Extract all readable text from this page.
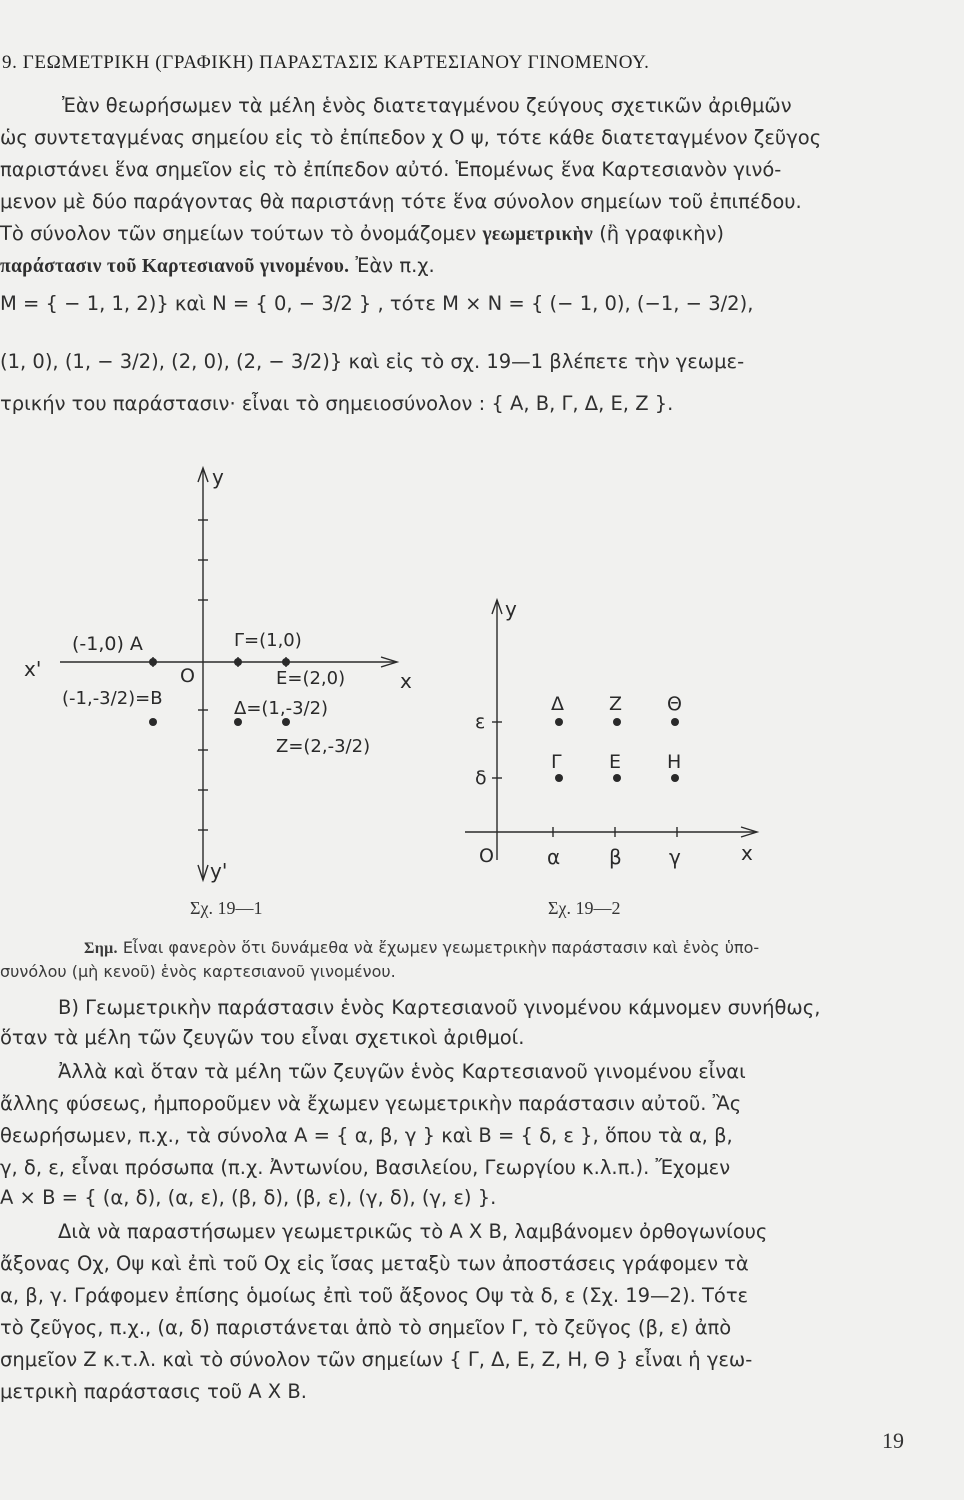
9. ΓΕΩΜΕΤΡΙΚΗ (ΓΡΑΦΙΚΗ) ΠΑΡΑΣΤΑΣΙΣ ΚΑΡΤΕΣΙΑΝΟΥ ΓΙΝΟΜΕΝΟΥ.
Ἐὰν θεωρήσωμεν τὰ μέλη ἑνὸς διατεταγμένου ζεύγους σχετικῶν ἀριθμῶν
ὡς συντεταγμένας σημείου εἰς τὸ ἐπίπεδον χ Ο ψ, τότε κάθε διατεταγμένον ζεῦγος
παριστάνει ἕνα σημεῖον εἰς τὸ ἐπίπεδον αὐτό. Ἑπομένως ἕνα Καρτεσιανὸν γινό-
μενον μὲ δύο παράγοντας θὰ παριστάνῃ τότε ἕνα σύνολον σημείων τοῦ ἐπιπέδου.
Τὸ σύνολον τῶν σημείων τούτων τὸ ὀνομάζομεν γεωμετρικὴν (ἢ γραφικὴν)
παράστασιν τοῦ Καρτεσιανοῦ γινομένου. Ἐὰν π.χ.
Μ = { − 1, 1, 2)} καὶ Ν = { 0, − 3/2 } , τότε Μ × Ν = { (− 1, 0), (−1, − 3/2),
(1, 0), (1, − 3/2), (2, 0), (2, − 3/2)} καὶ εἰς τὸ σχ. 19—1 βλέπετε τὴν γεωμε-
τρικήν του παράστασιν· εἶναι τὸ σημειοσύνολον : { Α, Β, Γ, Δ, Ε, Ζ }.
y
y'
x
x'	O
(-1,0) A
(-1,-3/2)=B
Γ=(1,0)
E=(2,0)
Δ=(1,-3/2)
Z=(2,-3/2)
Σχ. 19—1
y
x
O	α β γ
δ
ε
Δ Z Θ
Γ E H
Σχ. 19—2
Σημ. Εἶναι φανερὸν ὅτι δυνάμεθα νὰ ἔχωμεν γεωμετρικὴν παράστασιν καὶ ἑνὸς ὑπο-
συνόλου (μὴ κενοῦ) ἑνὸς καρτεσιανοῦ γινομένου.
Β) Γεωμετρικὴν παράστασιν ἑνὸς Καρτεσιανοῦ γινομένου κάμνομεν συνήθως,
ὅταν τὰ μέλη τῶν ζευγῶν του εἶναι σχετικοὶ ἀριθμοί.
Ἀλλὰ καὶ ὅταν τὰ μέλη τῶν ζευγῶν ἑνὸς Καρτεσιανοῦ γινομένου εἶναι
ἄλλης φύσεως, ἠμποροῦμεν νὰ ἔχωμεν γεωμετρικὴν παράστασιν αὐτοῦ. Ἂς
θεωρήσωμεν, π.χ., τὰ σύνολα Α = { α, β, γ } καὶ Β = { δ, ε }, ὅπου τὰ α, β,
γ, δ, ε, εἶναι πρόσωπα (π.χ. Ἀντωνίου, Βασιλείου, Γεωργίου κ.λ.π.). Ἔχομεν
Α × Β = { (α, δ), (α, ε), (β, δ), (β, ε), (γ, δ), (γ, ε) }.
Διὰ νὰ παραστήσωμεν γεωμετρικῶς τὸ Α Χ Β, λαμβάνομεν ὀρθογωνίους
ἄξονας Οχ, Οψ καὶ ἐπὶ τοῦ Οχ εἰς ἴσας μεταξὺ των ἀποστάσεις γράφομεν τὰ
α, β, γ. Γράφομεν ἐπίσης ὁμοίως ἐπὶ τοῦ ἄξονος Οψ τὰ δ, ε (Σχ. 19—2). Τότε
τὸ ζεῦγος, π.χ., (α, δ) παριστάνεται ἀπὸ τὸ σημεῖον Γ, τὸ ζεῦγος (β, ε) ἀπὸ
σημεῖον Ζ κ.τ.λ. καὶ τὸ σύνολον τῶν σημείων { Γ, Δ, Ε, Ζ, Η, Θ } εἶναι ἡ γεω-
μετρικὴ παράστασις τοῦ Α Χ Β.
19
